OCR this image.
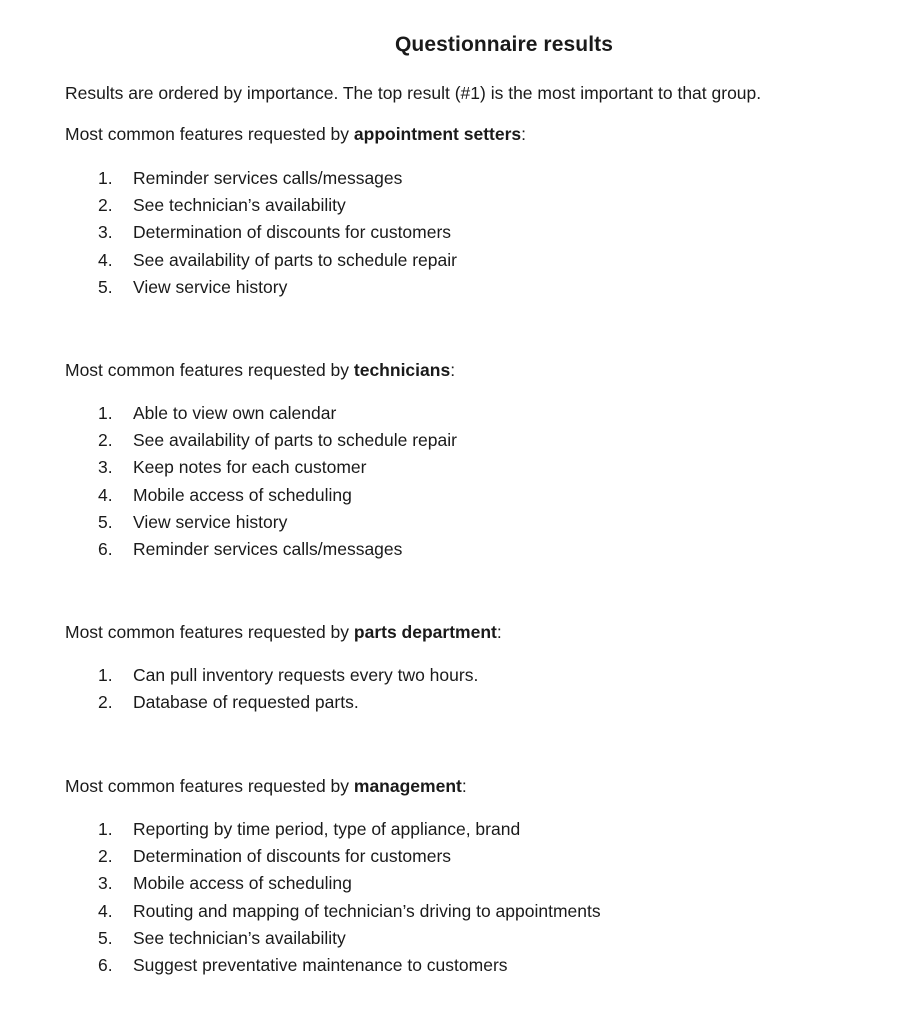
Questionnaire results
Results are ordered by importance. The top result (#1) is the most important to that group.
Most common features requested by appointment setters:
1.	Reminder services calls/messages
2.	See technician’s availability
3.	Determination of discounts for customers
4.	See availability of parts to schedule repair
5.	View service history
Most common features requested by technicians:
1.	Able to view own calendar
2.	See availability of parts to schedule repair
3.	Keep notes for each customer
4.	Mobile access of scheduling
5.	View service history
6.	Reminder services calls/messages
Most common features requested by parts department:
1.	Can pull inventory requests every two hours.
2.	Database of requested parts.
Most common features requested by management:
1.	Reporting by time period, type of appliance, brand
2.	Determination of discounts for customers
3.	Mobile access of scheduling
4.	Routing and mapping of technician’s driving to appointments
5.	See technician’s availability
6.	Suggest preventative maintenance to customers
